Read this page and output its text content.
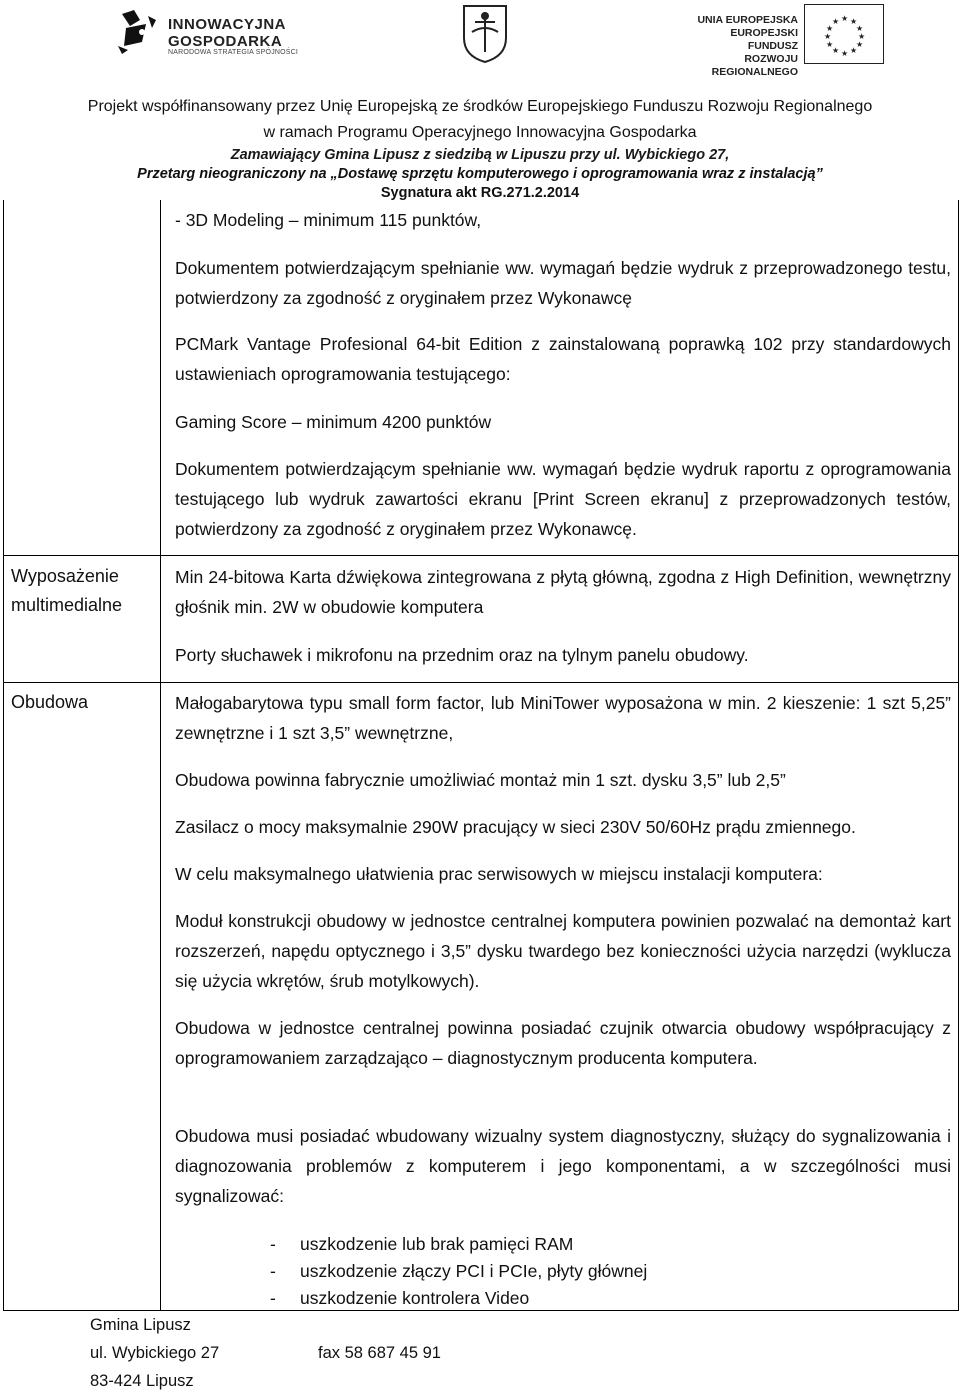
INNOWACYJNA
GOSPODARKA
NARODOWA STRATEGIA SPÓJNOŚCI
UNIA EUROPEJSKA
EUROPEJSKI FUNDUSZ
ROZWOJU REGIONALNEGO
★ ★
★
★
★
★
★
★
★
★
★
★
Projekt współfinansowany przez Unię Europejską ze środków Europejskiego Funduszu Rozwoju Regionalnego
w ramach Programu Operacyjnego Innowacyjna Gospodarka
Zamawiający Gmina Lipusz z siedzibą w Lipuszu przy ul. Wybickiego 27,
Przetarg nieograniczony na „Dostawę sprzętu komputerowego i oprogramowania wraz z instalacją”
Sygnatura akt RG.271.2.2014

- 3D Modeling – minimum 115 punktów,

Dokumentem potwierdzającym spełnianie ww. wymagań będzie wydruk z przeprowadzonego testu, potwierdzony za zgodność z oryginałem przez Wykonawcę

PCMark Vantage Profesional 64-bit Edition z zainstalowaną poprawką 102 przy standardowych ustawieniach oprogramowania testującego:

Gaming Score – minimum 4200 punktów

Dokumentem potwierdzającym spełnianie ww. wymagań będzie wydruk raportu z oprogramowania testującego lub wydruk zawartości ekranu [Print Screen ekranu] z przeprowadzonych testów, potwierdzony za zgodność z oryginałem przez Wykonawcę.

Wyposażenie
multimedialne

Min 24-bitowa Karta dźwiękowa zintegrowana z płytą główną, zgodna z High Definition, wewnętrzny głośnik min. 2W w obudowie komputera

Porty słuchawek i mikrofonu na przednim oraz na tylnym panelu obudowy.

Obudowa	Małogabarytowa typu small form factor, lub MiniTower wyposażona w min. 2 kieszenie: 1 szt 5,25” zewnętrzne i 1 szt 3,5” wewnętrzne,

Obudowa powinna fabrycznie umożliwiać montaż min 1 szt. dysku 3,5” lub 2,5”

Zasilacz o mocy maksymalnie 290W pracujący w sieci 230V 50/60Hz prądu zmiennego.

W celu maksymalnego ułatwienia prac serwisowych w miejscu instalacji komputera:

Moduł konstrukcji obudowy w jednostce centralnej komputera powinien pozwalać na demontaż kart rozszerzeń, napędu optycznego i 3,5” dysku twardego bez konieczności użycia narzędzi (wyklucza się użycia wkrętów, śrub motylkowych).

Obudowa w jednostce centralnej powinna posiadać czujnik otwarcia obudowy współpracujący z oprogramowaniem zarządzająco – diagnostycznym producenta komputera.

Obudowa musi posiadać wbudowany wizualny system diagnostyczny, służący do sygnalizowania i diagnozowania problemów z komputerem i jego komponentami, a w szczególności musi sygnalizować:

- uszkodzenie lub brak pamięci RAM
- uszkodzenie złączy PCI i PCIe, płyty głównej
- uszkodzenie kontrolera Video
Gmina Lipusz
ul. Wybickiego 27	fax 58 687 45 91
83-424 Lipusz
